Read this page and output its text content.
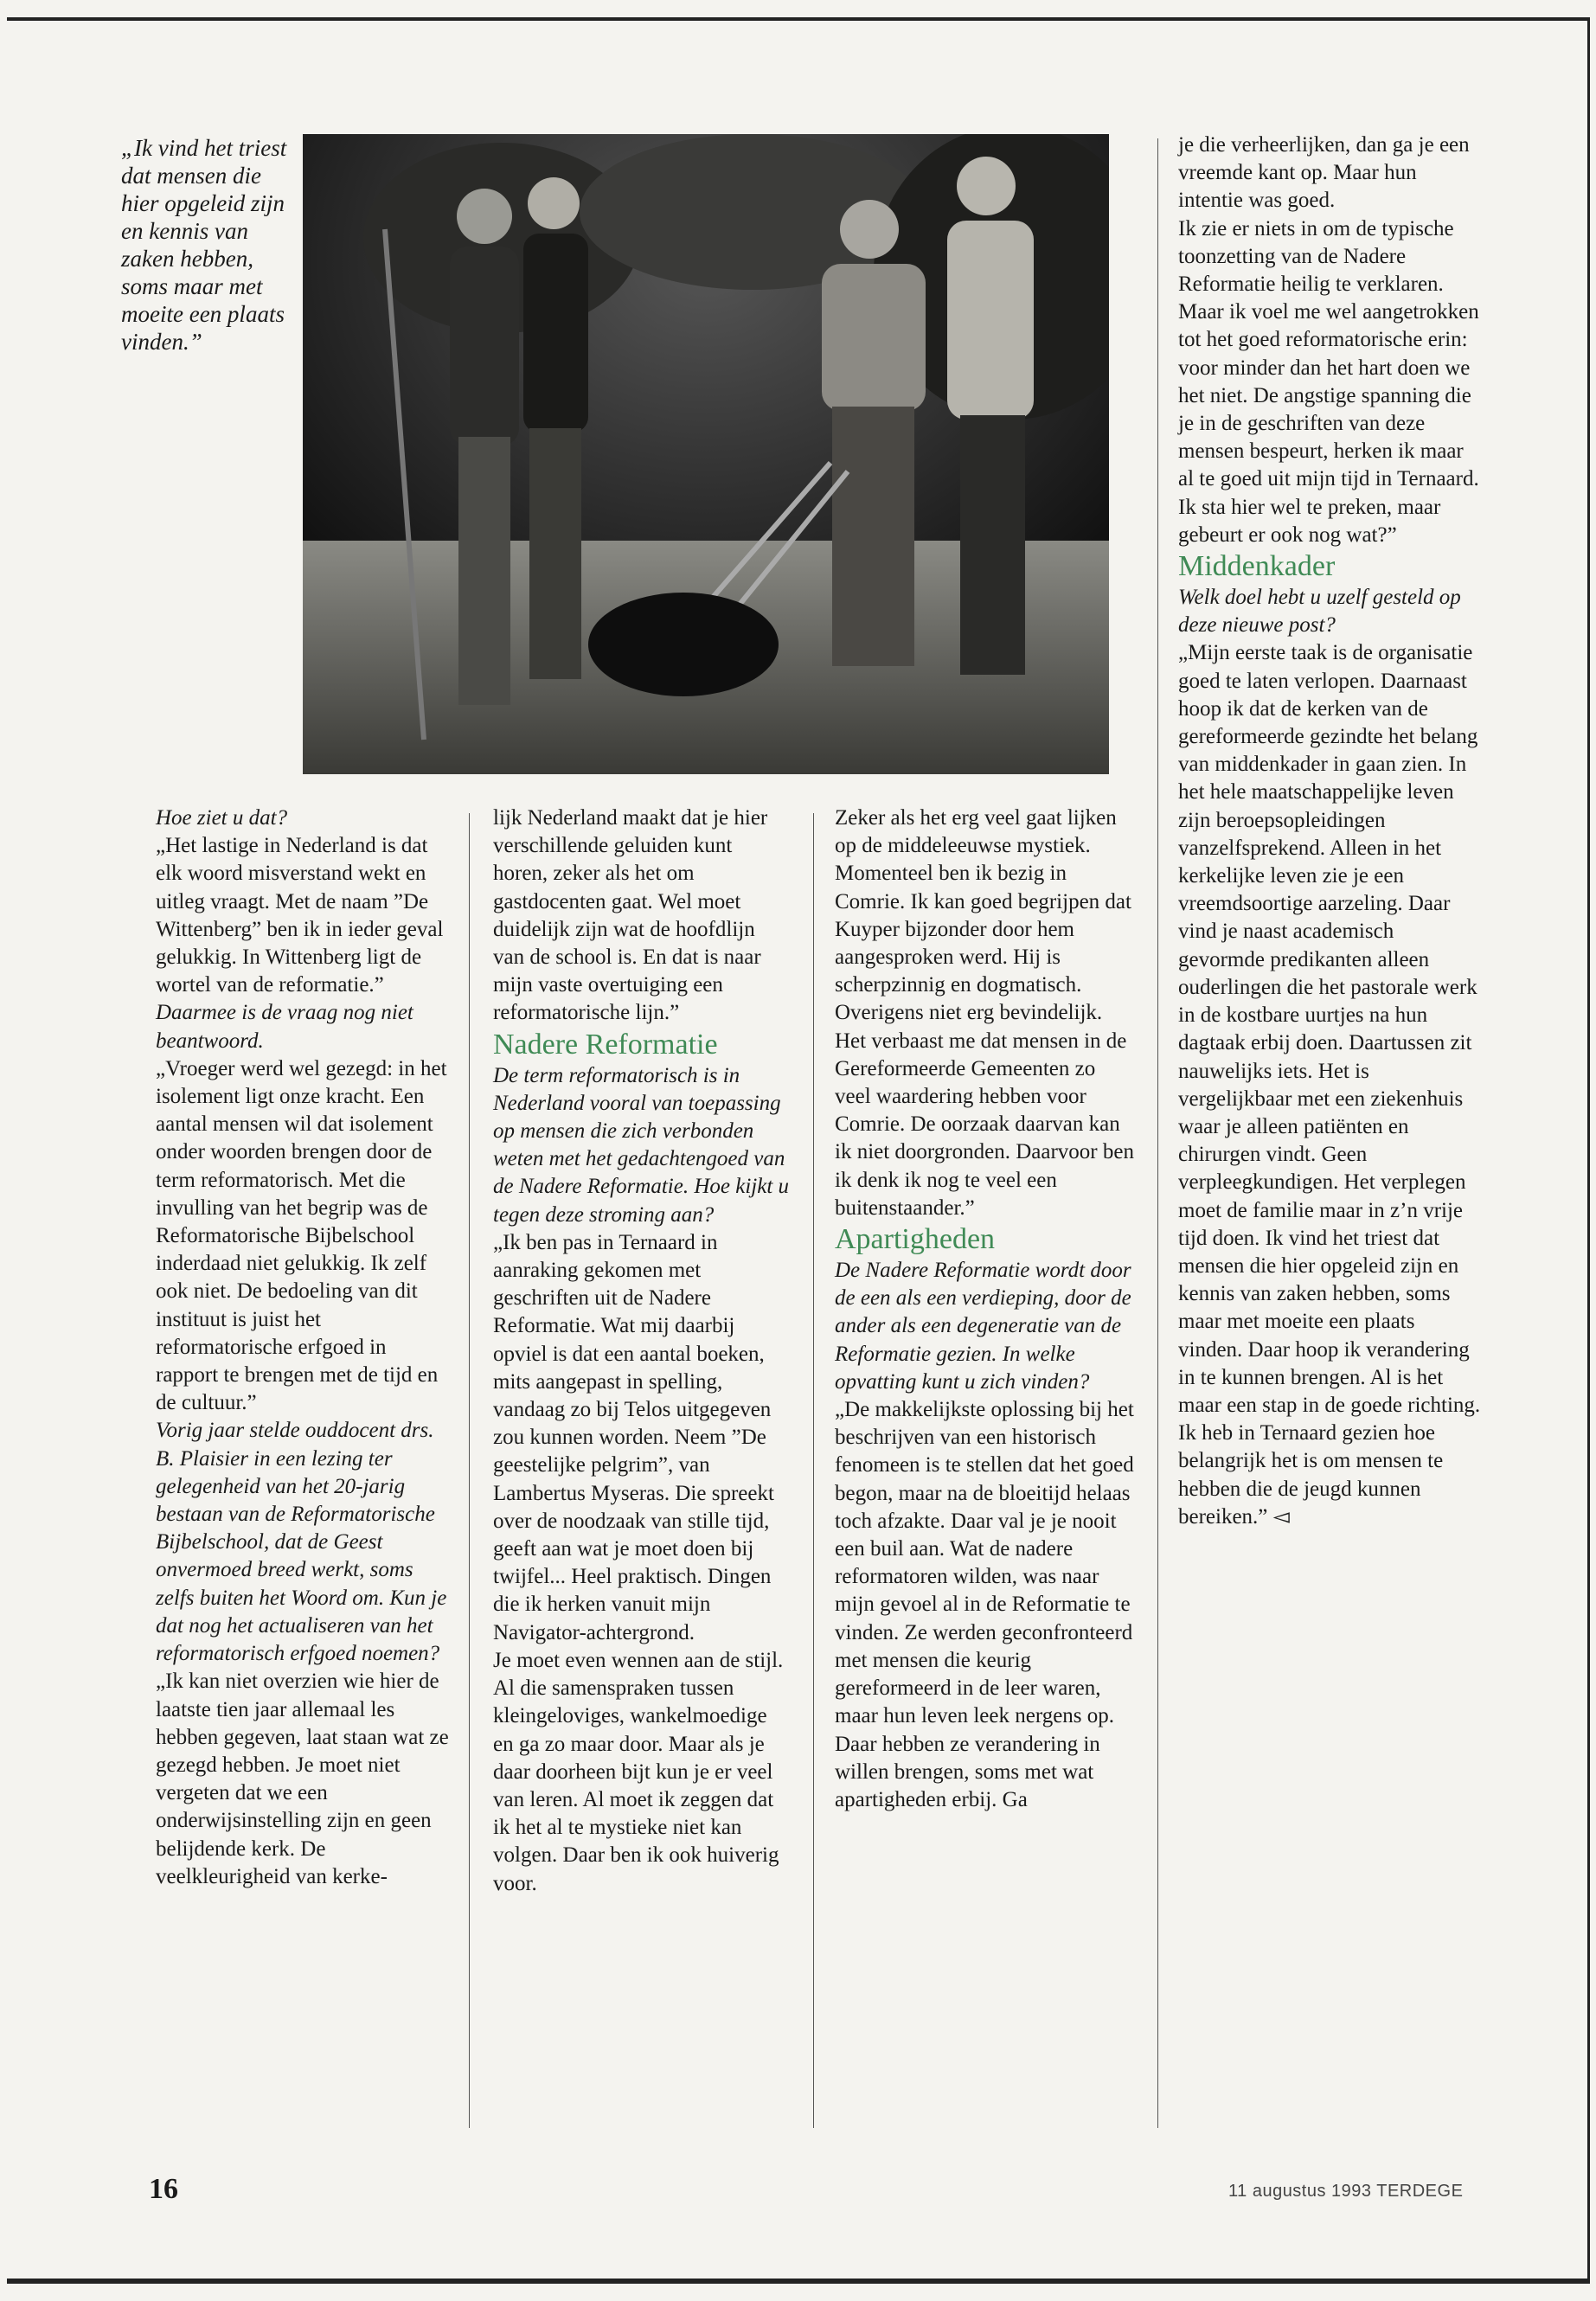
„Ik vind het triest dat mensen die hier opgeleid zijn en kennis van zaken hebben, soms maar met moeite een plaats vinden.”

Hoe ziet u dat?

„Het lastige in Nederland is dat elk woord misverstand wekt en uitleg vraagt. Met de naam ”De Wittenberg” ben ik in ieder geval gelukkig. In Wittenberg ligt de wortel van de reformatie.”

Daarmee is de vraag nog niet beantwoord.

„Vroeger werd wel gezegd: in het isolement ligt onze kracht. Een aantal mensen wil dat isolement onder woorden brengen door de term reformatorisch. Met die invulling van het begrip was de Reformatorische Bijbelschool inderdaad niet gelukkig. Ik zelf ook niet. De bedoeling van dit instituut is juist het reformatorische erfgoed in rapport te brengen met de tijd en de cultuur.”

Vorig jaar stelde ouddocent drs. B. Plaisier in een lezing ter gelegenheid van het 20-jarig bestaan van de Reformatorische Bijbelschool, dat de Geest onvermoed breed werkt, soms zelfs buiten het Woord om. Kun je dat nog het actualiseren van het reformatorisch erfgoed noemen?

„Ik kan niet overzien wie hier de laatste tien jaar allemaal les hebben gegeven, laat staan wat ze gezegd hebben. Je moet niet vergeten dat we een onderwijsinstelling zijn en geen belijdende kerk. De veelkleurigheid van kerke-

lijk Nederland maakt dat je hier verschillende geluiden kunt horen, zeker als het om gastdocenten gaat. Wel moet duidelijk zijn wat de hoofdlijn van de school is. En dat is naar mijn vaste overtuiging een reformatorische lijn.”

Nadere Reformatie

De term reformatorisch is in Nederland vooral van toepassing op mensen die zich verbonden weten met het gedachtengoed van de Nadere Reformatie. Hoe kijkt u tegen deze stroming aan?

„Ik ben pas in Ternaard in aanraking gekomen met geschriften uit de Nadere Reformatie. Wat mij daarbij opviel is dat een aantal boeken, mits aangepast in spelling, vandaag zo bij Telos uitgegeven zou kunnen worden. Neem ”De geestelijke pelgrim”, van Lambertus Myseras. Die spreekt over de noodzaak van stille tijd, geeft aan wat je moet doen bij twijfel... Heel praktisch. Dingen die ik herken vanuit mijn Navigator-achtergrond.

Je moet even wennen aan de stijl. Al die samenspraken tussen kleingeloviges, wankelmoedige en ga zo maar door. Maar als je daar doorheen bijt kun je er veel van leren. Al moet ik zeggen dat ik het al te mystieke niet kan volgen. Daar ben ik ook huiverig voor.

Zeker als het erg veel gaat lijken op de middeleeuwse mystiek.

Momenteel ben ik bezig in Comrie. Ik kan goed begrijpen dat Kuyper bijzonder door hem aangesproken werd. Hij is scherpzinnig en dogmatisch. Overigens niet erg bevindelijk. Het verbaast me dat mensen in de Gereformeerde Gemeenten zo veel waardering hebben voor Comrie. De oorzaak daarvan kan ik niet doorgronden. Daarvoor ben ik denk ik nog te veel een buitenstaander.”

Apartigheden

De Nadere Reformatie wordt door de een als een verdieping, door de ander als een degeneratie van de Reformatie gezien. In welke opvatting kunt u zich vinden?

„De makkelijkste oplossing bij het beschrijven van een historisch fenomeen is te stellen dat het goed begon, maar na de bloeitijd helaas toch afzakte. Daar val je je nooit een buil aan. Wat de nadere reformatoren wilden, was naar mijn gevoel al in de Reformatie te vinden. Ze werden geconfronteerd met mensen die keurig gereformeerd in de leer waren, maar hun leven leek nergens op. Daar hebben ze verandering in willen brengen, soms met wat apartigheden erbij. Ga

je die verheerlijken, dan ga je een vreemde kant op. Maar hun intentie was goed.

Ik zie er niets in om de typische toonzetting van de Nadere Reformatie heilig te verklaren. Maar ik voel me wel aangetrokken tot het goed reformatorische erin: voor minder dan het hart doen we het niet. De angstige spanning die je in de geschriften van deze mensen bespeurt, herken ik maar al te goed uit mijn tijd in Ternaard. Ik sta hier wel te preken, maar gebeurt er ook nog wat?”

Middenkader

Welk doel hebt u uzelf gesteld op deze nieuwe post?

„Mijn eerste taak is de organisatie goed te laten verlopen. Daarnaast hoop ik dat de kerken van de gereformeerde gezindte het belang van middenkader in gaan zien. In het hele maatschappelijke leven zijn beroepsopleidingen vanzelfsprekend. Alleen in het kerkelijke leven zie je een vreemdsoortige aarzeling. Daar vind je naast academisch gevormde predikanten alleen ouderlingen die het pastorale werk in de kostbare uurtjes na hun dagtaak erbij doen. Daartussen zit nauwelijks iets. Het is vergelijkbaar met een ziekenhuis waar je alleen patiënten en chirurgen vindt. Geen verpleegkundigen. Het verplegen moet de familie maar in z’n vrije tijd doen. Ik vind het triest dat mensen die hier opgeleid zijn en kennis van zaken hebben, soms maar met moeite een plaats vinden. Daar hoop ik verandering in te kunnen brengen. Al is het maar een stap in de goede richting. Ik heb in Ternaard gezien hoe belangrijk het is om mensen te hebben die de jeugd kunnen bereiken.” ◅

16	11 augustus 1993 TERDEGE
